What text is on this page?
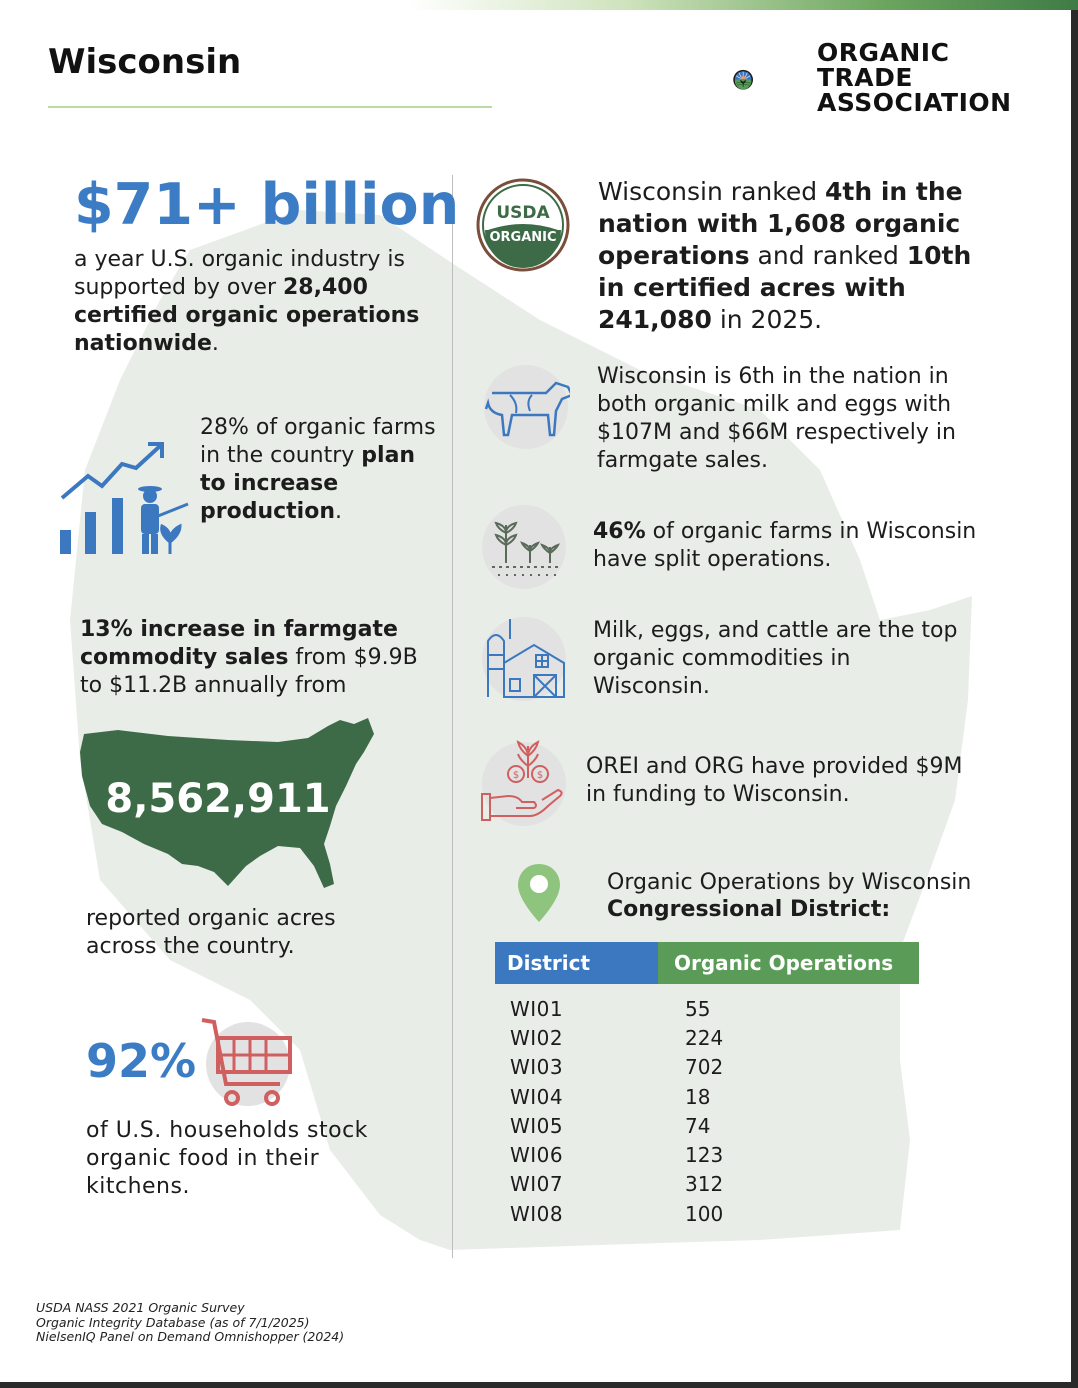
Wisconsin	ORGANIC
TRADE
ASSOCIATION
$71+ billion
a year U.S. organic industry is supported by over 28,400 certified organic operations nationwide.
28% of organic farms in the country plan to increase production.
13% increase in farmgate commodity sales from $9.9B to $11.2B annually from
8,562,911
reported organic acres across the country.
92%
of U.S. households stock organic food in their kitchens.
USDA
ORGANIC
Wisconsin ranked 4th in the nation with 1,608 organic operations and ranked 10th in certified acres with 241,080 in 2025.
Wisconsin is 6th in the nation in both organic milk and eggs with $107M and $66M respectively in farmgate sales.
46% of organic farms in Wisconsin have split operations.
Milk, eggs, and cattle are the top organic commodities in Wisconsin.
$ $ OREI and ORG have provided $9M in funding to Wisconsin.
Organic Operations by Wisconsin
Congressional District:
District	Organic Operations
WI01	55
WI02	224
WI03	702
WI04	18
WI05	74
WI06	123
WI07	312
WI08	100
USDA NASS 2021 Organic Survey
Organic Integrity Database (as of 7/1/2025)
NielsenIQ Panel on Demand Omnishopper (2024)
